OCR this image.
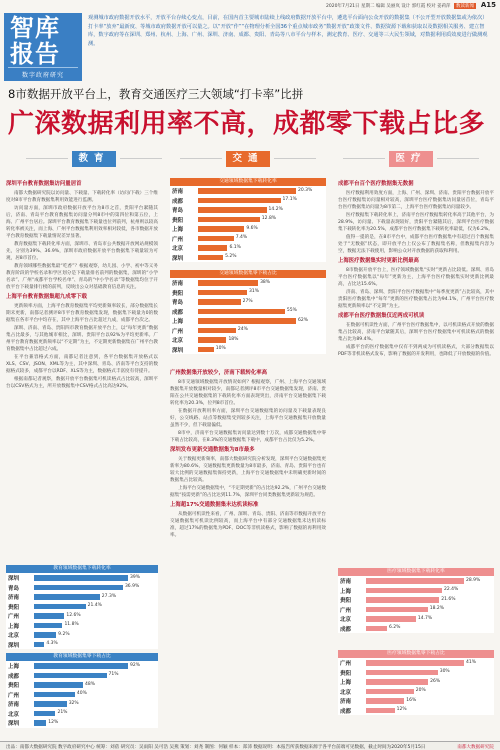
2020年7月21日 星期二 编辑 吴丽岚 设计 郭红霞 校对 姜莉萍 数读新闻 A15
智库
报告
数字政府研究
观测城市政府数据开放水平，开放平台存续心变点，目前，在国内首主要城市陆续上线政府数据开放平台中，遴选平台面向公众开放的数据集（不公开型开放数据集或为依次）打卡率“放弃”最新度、等城市政府数据开放可以量之。以“开放“作”“在物理分析全国36个重点城市政务“数据开放”政策文件、数据资源下载和获取以及数据相关服务、建立智库，数字政府等在深圳、郑州、杭州、上海、广州、深圳、济南、成都、贵阳、青岛等八市平台与样本，测定教育、医疗、交通等三大民生领域，对数据利用质效度进行做测观测。
8市数据开放平台上，教育交通医疗三大领域“打卡率”比拼
广深数据利用率不高，成都零下载占比多
教育	交通	医疗
深圳平台教育数据集访问量居首

南都大数据研究院以访问量、下载量、下载转化率（访问/下载）三个维度对8市平台教育数据集利用效能进行监测。

访问量方面，深圳市政府数据开放平台为8市之首，贵阳平台紧随其后，济南、青岛平台教育数据集访问量分列8市中的第四位和第五位，上海、广州平台居后。深圳平台教育数据集下载量也位列前列，杭州则以较高转化率被关注，而上海、广州平台数据集利用效率相对较低，各市数据开放平台教育数据集下载量情况差异显著。

教育数据集下载转化率方面，深圳市、青岛市公共数据开放网站规模领先，分别为39%、36.9%，深圳市政府数据开放平台数据集下载量较为可观，居8市首位。

教育领域哪些数据集最“吃香”？根据观察，幼儿园、小学、初中等义务教育阶段的学校名录和学区划分是下载量排名前列的数据集，深圳的“小学名录”、广州“成都平台学校名单”、青岛的“中小学名录”等数据集均位于开放平台下载量排行榜的前列，反映出公众对基础教育信息的关注。

上海平台教育数据集超九成零下载

更新频率方面，上海平台教育数据集平均更新频率较长，部分数据集长期未更新，南都记者测评8市平台教育数据集发现，数据集下载量为0的数据集在各市平台中均存在，其中上海平台占比超过九成，成都平台次之。

深圳、济南、青岛、贵阳四市教育数据开放平台上，以“每年更新”数据集占比最多，与其他城市相比，深圳、贵阳平台以92%为平均更新率。广州平台教育数据更新频率以“不定期”为主，不定期更新数据集在广州平台教育数据集中占比超过六成。

在平台兼容格式方面，南都记者注意到，各平台数据集开放格式以XLS、CSV、JSON、XML等为主，其中深圳、青岛、济南等平台支持的数据格式较多，成都平台以RDF、XLS等为主，数据格式丰富度有待提升。

根据南都记者观察，数据开放平台数据集可机读格式占比较高，深圳平台以CSV格式为主，所开放数据集中CSV格式占比高达92%。

广州数据集开放较少，济南下载转化率高

8市交通领域数据集开放情况如何？根据观察，广州、上海平台交通领域数据集开放数量相对较少，南都记者测评8市平台交通数据集发现，济南、贵阳在公共交通数据集的下载转化率方面表现突出，济南平台交通数据集下载转化率为20.3%，位列8市首位。

在数据开放利用率方面，深圳平台交通数据集的访问量及下载量表现良好，公交线路、站点等数据集受到较多关注，上海平台交通数据集开放数量虽然不少，但下载量偏低。

8市中，济南平台交通数据集访问量达到数十万次，成都交通数据集中零下载占比较高，在8.3%的交通数据集下载中，成都平台占比仅为5.2%。

深圳发布更新交通数据集为8市最多

关于数据更新频率，南都大数据研究院分析发现，深圳平台交通数据集更新率为80.6%，交通数据集更新数量为8市最多，济南、青岛、贵阳平台也有较大比例的交通数据集保持更新，上海平台交通数据集中未明确更新时间的数据集占比较高。

上海平台交通数据集中，“不定期更新”的占比达92.2%，广州平台交通数据集“按需更新”的占比达到11.7%，深圳平台同类数据集更新较为规范。

上海超17%交通数据集未达机读标准

从数据可机读性来看，广州、深圳、青岛、贵阳、济南等市数据开放平台交通数据集可机读比例较高，而上海平台中有部分交通数据集未达机读标准，超过17%的数据集为PDF、DOC等非机读格式，影响了数据的再利用效率。

成都平台百个医疗数据集无数据

医疗数据利用效度方面，上海、广州、深圳、济南、贵阳平台数据开放平台医疗数据集访问量相对较高，深圳平台医疗数据集访问量居首位，青岛平台医疗数据集访问量为8市第二，上海平台医疗数据集访问量较少。

医疗数据集下载转化率上，济南平台医疗数据集转化率高于其他平台，为28.9%，访问量、下载量表现较好，贵阳平台紧随其后，深圳平台医疗数据集下载转化率为20.5%，成都平台医疗数据集下载转化率最低，仅为6.2%。

值得一提的是，在8市平台中，成都平台医疗数据集中有超过百个数据集处于“无数据”状态，即开放平台上仅公布了数据集名称，但数据集内容为空，数据无法下载使用，影响公众对开放数据的获取和利用。

上海医疗数据集实时更新比例最高

8市数据开放平台上，医疗领域数据集“实时”更新占比较低。深圳、青岛平台医疗数据集以“每年”更新为主，上海平台医疗数据集实时更新比例最高，占比达15.6%。

济南、青岛、深圳、贵阳平台医疗数据集中“每季度更新”占比较高，其中贵阳医疗数据集中“每年”更新的医疗数据集占比为94.1%，广州平台医疗数据集更新频率以“不定期”为主。

成都平台医疗数据集仅近两成可机读

在数据可机读性方面，广州平台医疗数据集中，以可机读格式开放的数据集占比较高，济南平台紧随其后，深圳平台医疗数据集中可机读格式的数据集占比为89.4%。

成都平台的医疗数据集中仅有不到两成为可机读格式，大部分数据集以PDF等非机读格式发布，影响了数据的开发利用，也降低了开放数据的价值。

教育领域数据集下载转化率
深圳	39%
青岛	36.9%
济南	27.3%
贵阳	21.4%
广州	12.6%
上海	11.8%
北京	9.2%
深圳	4.3%
教育领域数据集零下载占比
上海	92%
成都	71%
贵阳	48%
广州	40%
济南	32%
北京	21%
深圳	12%
交通领域数据集下载转化率
济南	20.3%
成都	17.1%
青岛	14.2%
贵阳	12.8%
上海	9.6%
广州	7.4%
北京	6.1%
深圳	5.2%
交通领域数据集零下载占比
济南	38%
贵阳	31%
青岛	27%
成都	55%
上海	62%
广州	24%
北京	18%
深圳	10%
医疗领域数据集下载转化率
济南	28.9%
上海	22.4%
贵阳	21.6%
广州	18.2%
北京	14.7%
成都	6.2%
医疗领域数据集零下载占比
广州	41%
贵阳	30%
上海	26%
北京	20%
济南	16%
成都	12%
出品：南都大数据研究院 数字政府研究中心 统筹：刘蓓 研究员：吴雨阳 吴可浩 吴燕 策划：刘尧 制图：何颖 样本：郑沛 数据说明：本报告所获数据来源于各平台前端可见数据，截止时间为2020年5月15日	南都大数据研究院
